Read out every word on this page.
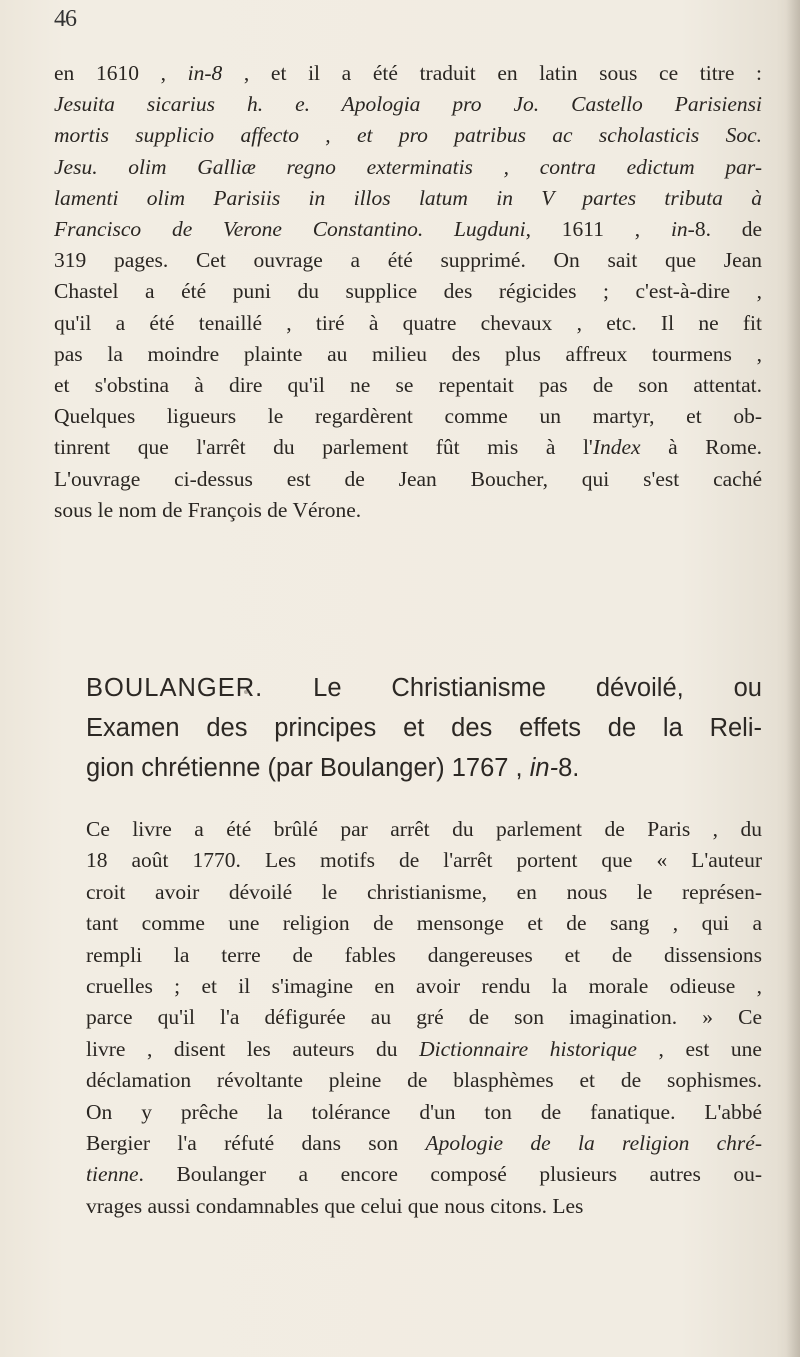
46
en 1610 , in-8 , et il a été traduit en latin sous ce titre :
Jesuita sicarius h. e. Apologia pro Jo. Castello Parisiensi
mortis supplicio affecto , et pro patribus ac scholasticis Soc.
Jesu. olim Galliæ regno exterminatis , contra edictum par-
lamenti olim Parisiis in illos latum in V partes tributa à
Francisco de Verone Constantino. Lugduni, 1611 , in-8. de
319 pages. Cet ouvrage a été supprimé. On sait que Jean
Chastel a été puni du supplice des régicides ; c'est-à-dire ,
qu'il a été tenaillé , tiré à quatre chevaux , etc. Il ne fit
pas la moindre plainte au milieu des plus affreux tourmens ,
et s'obstina à dire qu'il ne se repentait pas de son attentat.
Quelques ligueurs le regardèrent comme un martyr, et ob-
tinrent que l'arrêt du parlement fût mis à l'Index à Rome.
L'ouvrage ci-dessus est de Jean Boucher, qui s'est caché
sous le nom de François de Vérone.
BOULANGER. Le Christianisme dévoilé, ou
Examen des principes et des effets de la Reli-
gion chrétienne (par Boulanger) 1767 , in-8.
Ce livre a été brûlé par arrêt du parlement de Paris , du
18 août 1770. Les motifs de l'arrêt portent que « L'auteur
croit avoir dévoilé le christianisme, en nous le représen-
tant comme une religion de mensonge et de sang , qui a
rempli la terre de fables dangereuses et de dissensions
cruelles ; et il s'imagine en avoir rendu la morale odieuse ,
parce qu'il l'a défigurée au gré de son imagination. » Ce
livre , disent les auteurs du Dictionnaire historique , est une
déclamation révoltante pleine de blasphèmes et de sophismes.
On y prêche la tolérance d'un ton de fanatique. L'abbé
Bergier l'a réfuté dans son Apologie de la religion chré-
tienne. Boulanger a encore composé plusieurs autres ou-
vrages aussi condamnables que celui que nous citons. Les
